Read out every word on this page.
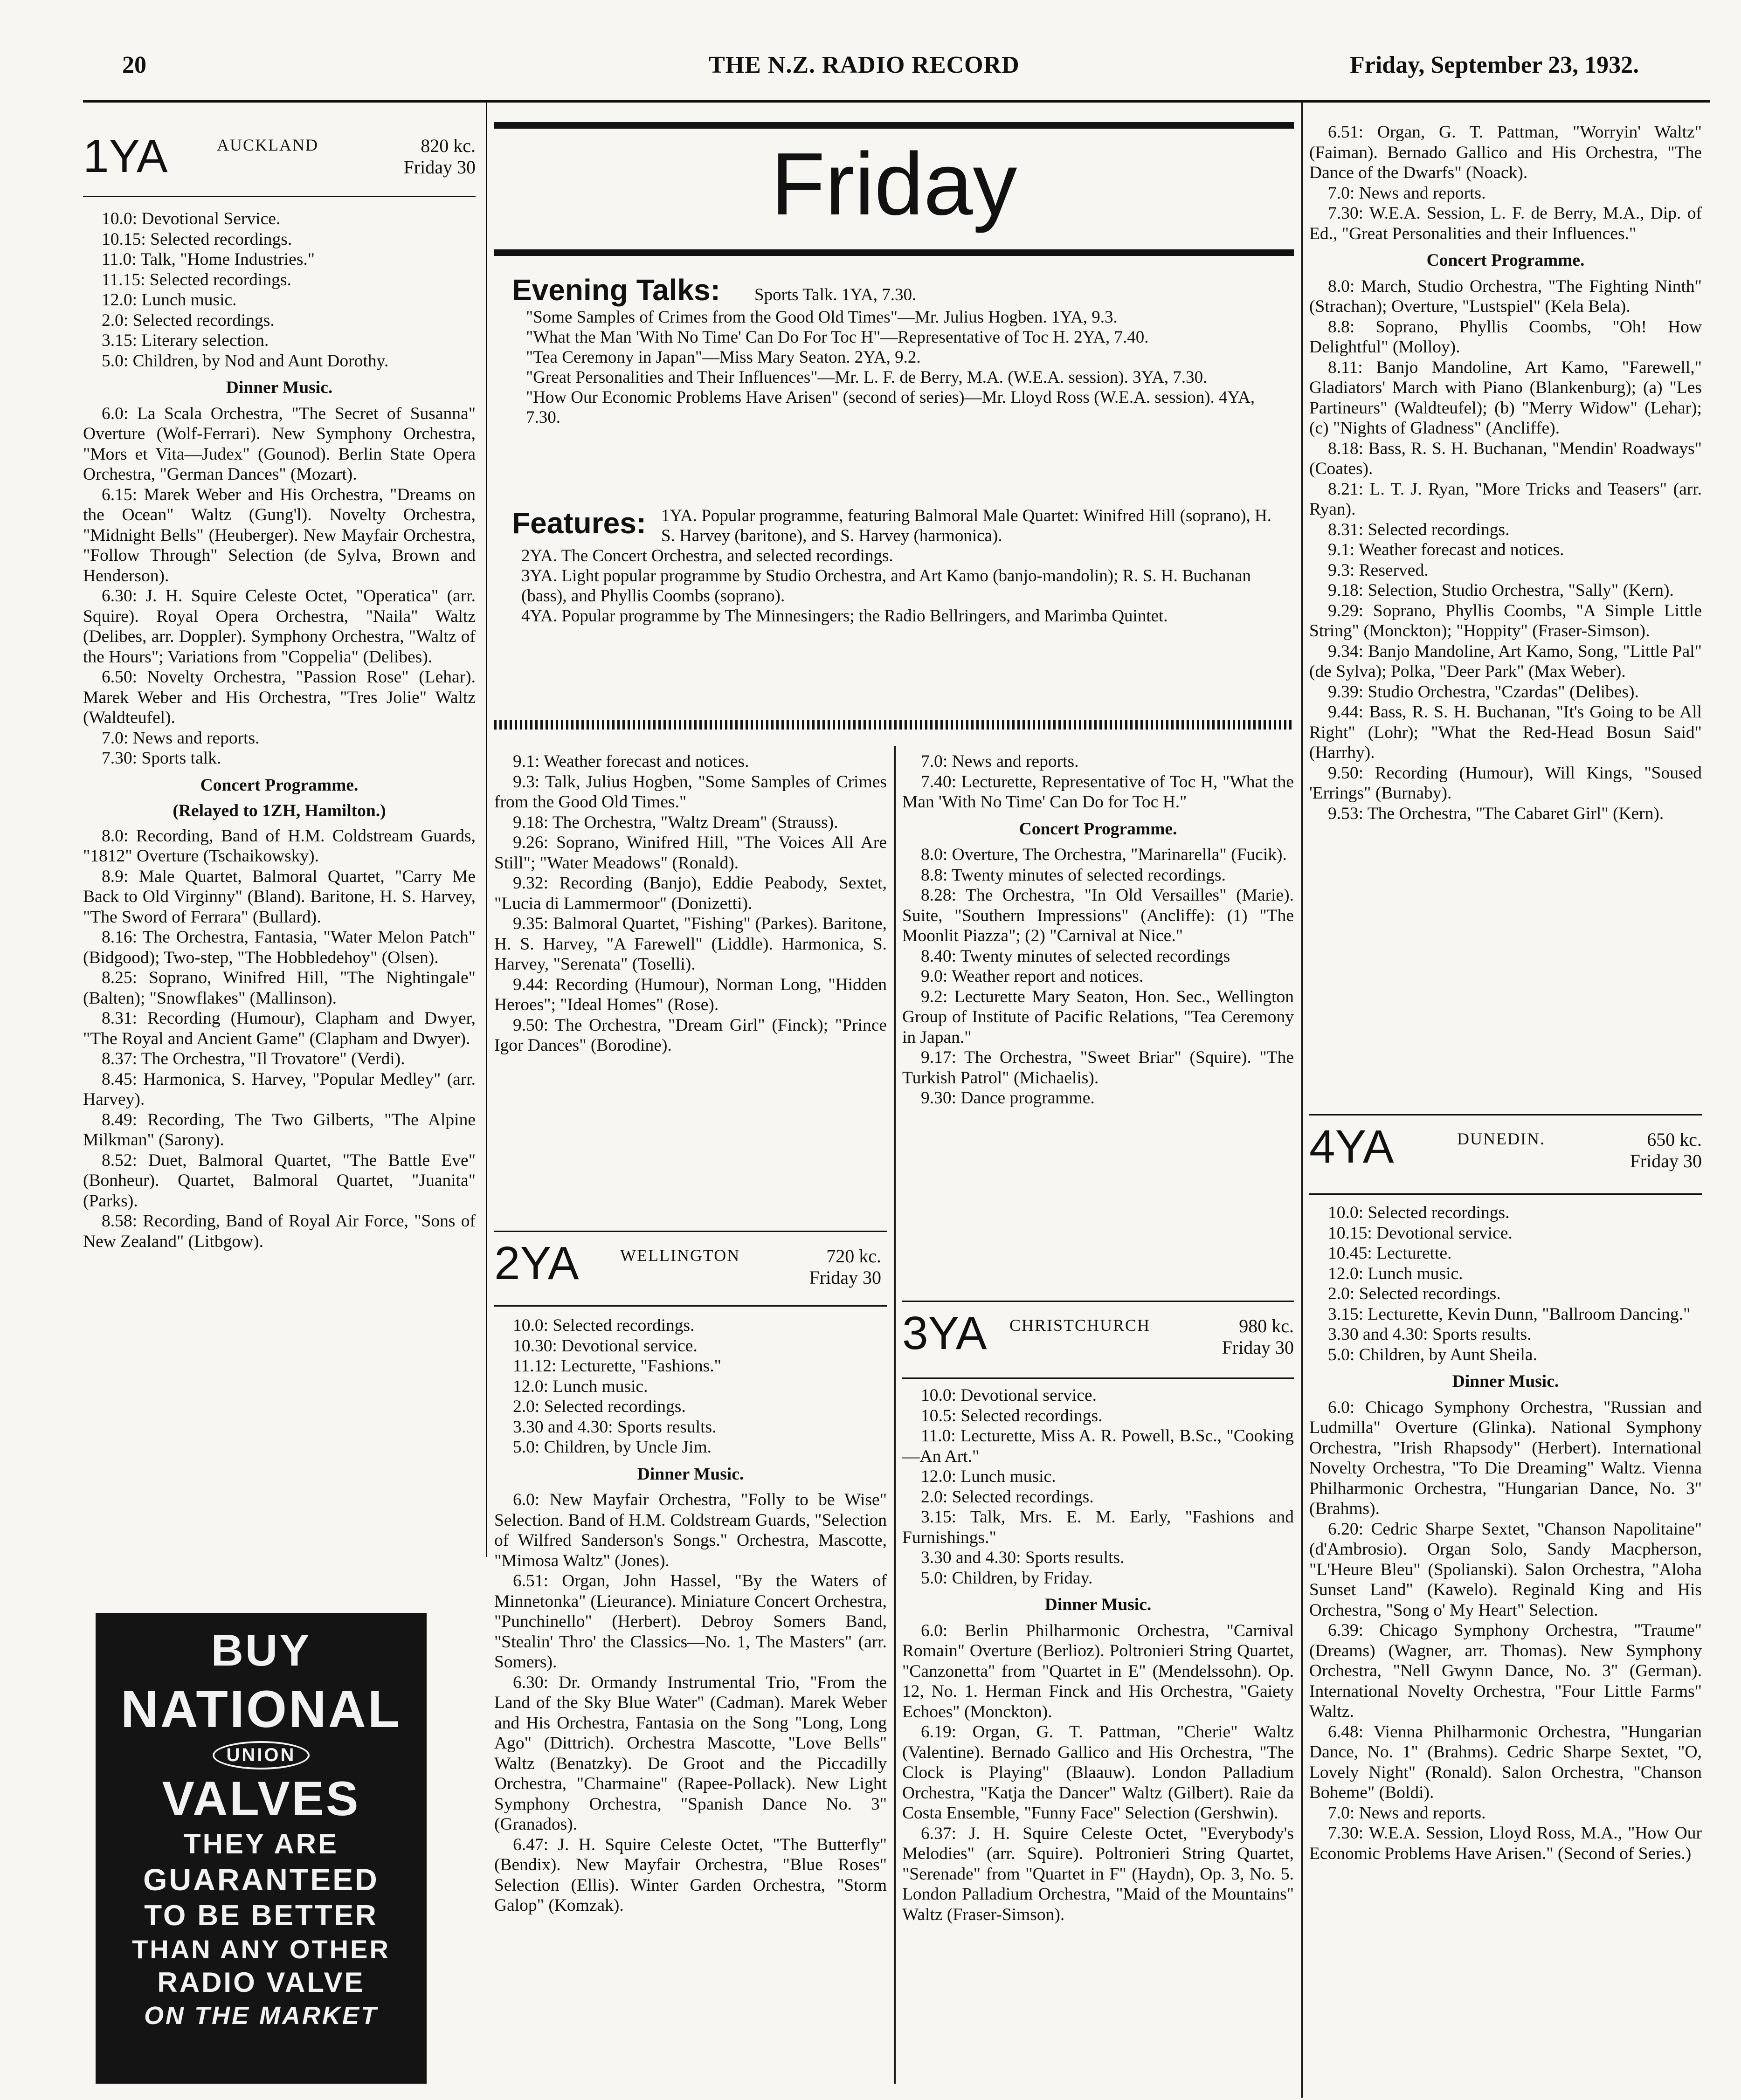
20	THE N.Z. RADIO RECORD	Friday, September 23, 1932.
1YA	AUCKLAND	820 kc.
Friday 30

10.0: Devotional Service.

10.15: Selected recordings.

11.0: Talk, "Home Industries."

11.15: Selected recordings.

12.0: Lunch music.

2.0: Selected recordings.

3.15: Literary selection.

5.0: Children, by Nod and Aunt Dorothy.

Dinner Music.

6.0: La Scala Orchestra, "The Secret of Susanna" Overture (Wolf-Ferrari). New Symphony Orchestra, "Mors et Vita—Judex" (Gounod). Berlin State Opera Orchestra, "German Dances" (Mozart).

6.15: Marek Weber and His Orchestra, "Dreams on the Ocean" Waltz (Gung'l). Novelty Orchestra, "Midnight Bells" (Heuberger). New Mayfair Orchestra, "Follow Through" Selection (de Sylva, Brown and Henderson).

6.30: J. H. Squire Celeste Octet, "Operatica" (arr. Squire). Royal Opera Orchestra, "Naila" Waltz (Delibes, arr. Doppler). Symphony Orchestra, "Waltz of the Hours"; Variations from "Coppelia" (Delibes).

6.50: Novelty Orchestra, "Passion Rose" (Lehar). Marek Weber and His Orchestra, "Tres Jolie" Waltz (Waldteufel).

7.0: News and reports.

7.30: Sports talk.

Concert Programme.

(Relayed to 1ZH, Hamilton.)

8.0: Recording, Band of H.M. Coldstream Guards, "1812" Overture (Tschaikowsky).

8.9: Male Quartet, Balmoral Quartet, "Carry Me Back to Old Virginny" (Bland). Baritone, H. S. Harvey, "The Sword of Ferrara" (Bullard).

8.16: The Orchestra, Fantasia, "Water Melon Patch" (Bidgood); Two-step, "The Hobbledehoy" (Olsen).

8.25: Soprano, Winifred Hill, "The Nightingale" (Balten); "Snowflakes" (Mallinson).

8.31: Recording (Humour), Clapham and Dwyer, "The Royal and Ancient Game" (Clapham and Dwyer).

8.37: The Orchestra, "Il Trovatore" (Verdi).

8.45: Harmonica, S. Harvey, "Popular Medley" (arr. Harvey).

8.49: Recording, The Two Gilberts, "The Alpine Milkman" (Sarony).

8.52: Duet, Balmoral Quartet, "The Battle Eve" (Bonheur). Quartet, Balmoral Quartet, "Juanita" (Parks).

8.58: Recording, Band of Royal Air Force, "Sons of New Zealand" (Litbgow).

BUY
NATIONAL
UNION
VALVES
THEY ARE
GUARANTEED
TO BE BETTER
THAN ANY OTHER
RADIO VALVE
ON THE MARKET
Friday
Evening Talks: Sports Talk. 1YA, 7.30.
"Some Samples of Crimes from the Good Old Times"—Mr. Julius Hogben. 1YA, 9.3.
"What the Man 'With No Time' Can Do For Toc H"—Representative of Toc H. 2YA, 7.40.
"Tea Ceremony in Japan"—Miss Mary Seaton. 2YA, 9.2.
"Great Personalities and Their Influences"—Mr. L. F. de Berry, M.A. (W.E.A. session). 3YA, 7.30.
"How Our Economic Problems Have Arisen" (second of series)—Mr. Lloyd Ross (W.E.A. session). 4YA, 7.30.
Features: 1YA. Popular programme, featuring Balmoral Male Quartet: Winifred Hill (soprano), H. S. Harvey (baritone), and S. Harvey (harmonica).
2YA. The Concert Orchestra, and selected recordings.
3YA. Light popular programme by Studio Orchestra, and Art Kamo (banjo-mandolin); R. S. H. Buchanan (bass), and Phyllis Coombs (soprano).
4YA. Popular programme by The Minnesingers; the Radio Bellringers, and Marimba Quintet.

9.1: Weather forecast and notices.

9.3: Talk, Julius Hogben, "Some Samples of Crimes from the Good Old Times."

9.18: The Orchestra, "Waltz Dream" (Strauss).

9.26: Soprano, Winifred Hill, "The Voices All Are Still"; "Water Meadows" (Ronald).

9.32: Recording (Banjo), Eddie Peabody, Sextet, "Lucia di Lammermoor" (Donizetti).

9.35: Balmoral Quartet, "Fishing" (Parkes). Baritone, H. S. Harvey, "A Farewell" (Liddle). Harmonica, S. Harvey, "Serenata" (Toselli).

9.44: Recording (Humour), Norman Long, "Hidden Heroes"; "Ideal Homes" (Rose).

9.50: The Orchestra, "Dream Girl" (Finck); "Prince Igor Dances" (Borodine).

2YA WELLINGTON	720 kc.
Friday 30

10.0: Selected recordings.

10.30: Devotional service.

11.12: Lecturette, "Fashions."

12.0: Lunch music.

2.0: Selected recordings.

3.30 and 4.30: Sports results.

5.0: Children, by Uncle Jim.

Dinner Music.

6.0: New Mayfair Orchestra, "Folly to be Wise" Selection. Band of H.M. Coldstream Guards, "Selection of Wilfred Sanderson's Songs." Orchestra, Mascotte, "Mimosa Waltz" (Jones).

6.51: Organ, John Hassel, "By the Waters of Minnetonka" (Lieurance). Miniature Concert Orchestra, "Punchinello" (Herbert). Debroy Somers Band, "Stealin' Thro' the Classics—No. 1, The Masters" (arr. Somers).

6.30: Dr. Ormandy Instrumental Trio, "From the Land of the Sky Blue Water" (Cadman). Marek Weber and His Orchestra, Fantasia on the Song "Long, Long Ago" (Dittrich). Orchestra Mascotte, "Love Bells" Waltz (Benatzky). De Groot and the Piccadilly Orchestra, "Charmaine" (Rapee-Pollack). New Light Symphony Orchestra, "Spanish Dance No. 3" (Granados).

6.47: J. H. Squire Celeste Octet, "The Butterfly" (Bendix). New Mayfair Orchestra, "Blue Roses" Selection (Ellis). Winter Garden Orchestra, "Storm Galop" (Komzak).

7.0: News and reports.

7.40: Lecturette, Representative of Toc H, "What the Man 'With No Time' Can Do for Toc H."

Concert Programme.

8.0: Overture, The Orchestra, "Marinarella" (Fucik).

8.8: Twenty minutes of selected recordings.

8.28: The Orchestra, "In Old Versailles" (Marie). Suite, "Southern Impressions" (Ancliffe): (1) "The Moonlit Piazza"; (2) "Carnival at Nice."

8.40: Twenty minutes of selected recordings

9.0: Weather report and notices.

9.2: Lecturette Mary Seaton, Hon. Sec., Wellington Group of Institute of Pacific Relations, "Tea Ceremony in Japan."

9.17: The Orchestra, "Sweet Briar" (Squire). "The Turkish Patrol" (Michaelis).

9.30: Dance programme.

3YA CHRISTCHURCH	980 kc.
Friday 30

10.0: Devotional service.

10.5: Selected recordings.

11.0: Lecturette, Miss A. R. Powell, B.Sc., "Cooking—An Art."

12.0: Lunch music.

2.0: Selected recordings.

3.15: Talk, Mrs. E. M. Early, "Fashions and Furnishings."

3.30 and 4.30: Sports results.

5.0: Children, by Friday.

Dinner Music.

6.0: Berlin Philharmonic Orchestra, "Carnival Romain" Overture (Berlioz). Poltronieri String Quartet, "Canzonetta" from "Quartet in E" (Mendelssohn). Op. 12, No. 1. Herman Finck and His Orchestra, "Gaiety Echoes" (Monckton).

6.19: Organ, G. T. Pattman, "Cherie" Waltz (Valentine). Bernado Gallico and His Orchestra, "The Clock is Playing" (Blaauw). London Palladium Orchestra, "Katja the Dancer" Waltz (Gilbert). Raie da Costa Ensemble, "Funny Face" Selection (Gershwin).

6.37: J. H. Squire Celeste Octet, "Everybody's Melodies" (arr. Squire). Poltronieri String Quartet, "Serenade" from "Quartet in F" (Haydn), Op. 3, No. 5. London Palladium Orchestra, "Maid of the Mountains" Waltz (Fraser-Simson).

6.51: Organ, G. T. Pattman, "Worryin' Waltz" (Faiman). Bernado Gallico and His Orchestra, "The Dance of the Dwarfs" (Noack).

7.0: News and reports.

7.30: W.E.A. Session, L. F. de Berry, M.A., Dip. of Ed., "Great Personalities and their Influences."

Concert Programme.

8.0: March, Studio Orchestra, "The Fighting Ninth" (Strachan); Overture, "Lustspiel" (Kela Bela).

8.8: Soprano, Phyllis Coombs, "Oh! How Delightful" (Molloy).

8.11: Banjo Mandoline, Art Kamo, "Farewell," Gladiators' March with Piano (Blankenburg); (a) "Les Partineurs" (Waldteufel); (b) "Merry Widow" (Lehar); (c) "Nights of Gladness" (Ancliffe).

8.18: Bass, R. S. H. Buchanan, "Mendin' Roadways" (Coates).

8.21: L. T. J. Ryan, "More Tricks and Teasers" (arr. Ryan).

8.31: Selected recordings.

9.1: Weather forecast and notices.

9.3: Reserved.

9.18: Selection, Studio Orchestra, "Sally" (Kern).

9.29: Soprano, Phyllis Coombs, "A Simple Little String" (Monckton); "Hoppity" (Fraser-Simson).

9.34: Banjo Mandoline, Art Kamo, Song, "Little Pal" (de Sylva); Polka, "Deer Park" (Max Weber).

9.39: Studio Orchestra, "Czardas" (Delibes).

9.44: Bass, R. S. H. Buchanan, "It's Going to be All Right" (Lohr); "What the Red-Head Bosun Said" (Harrhy).

9.50: Recording (Humour), Will Kings, "Soused 'Errings" (Burnaby).

9.53: The Orchestra, "The Cabaret Girl" (Kern).

4YA	DUNEDIN.	650 kc.
Friday 30

10.0: Selected recordings.

10.15: Devotional service.

10.45: Lecturette.

12.0: Lunch music.

2.0: Selected recordings.

3.15: Lecturette, Kevin Dunn, "Ballroom Dancing."

3.30 and 4.30: Sports results.

5.0: Children, by Aunt Sheila.

Dinner Music.

6.0: Chicago Symphony Orchestra, "Russian and Ludmilla" Overture (Glinka). National Symphony Orchestra, "Irish Rhapsody" (Herbert). International Novelty Orchestra, "To Die Dreaming" Waltz. Vienna Philharmonic Orchestra, "Hungarian Dance, No. 3" (Brahms).

6.20: Cedric Sharpe Sextet, "Chanson Napolitaine" (d'Ambrosio). Organ Solo, Sandy Macpherson, "L'Heure Bleu" (Spolianski). Salon Orchestra, "Aloha Sunset Land" (Kawelo). Reginald King and His Orchestra, "Song o' My Heart" Selection.

6.39: Chicago Symphony Orchestra, "Traume" (Dreams) (Wagner, arr. Thomas). New Symphony Orchestra, "Nell Gwynn Dance, No. 3" (German). International Novelty Orchestra, "Four Little Farms" Waltz.

6.48: Vienna Philharmonic Orchestra, "Hungarian Dance, No. 1" (Brahms). Cedric Sharpe Sextet, "O, Lovely Night" (Ronald). Salon Orchestra, "Chanson Boheme" (Boldi).

7.0: News and reports.

7.30: W.E.A. Session, Lloyd Ross, M.A., "How Our Economic Problems Have Arisen." (Second of Series.)
